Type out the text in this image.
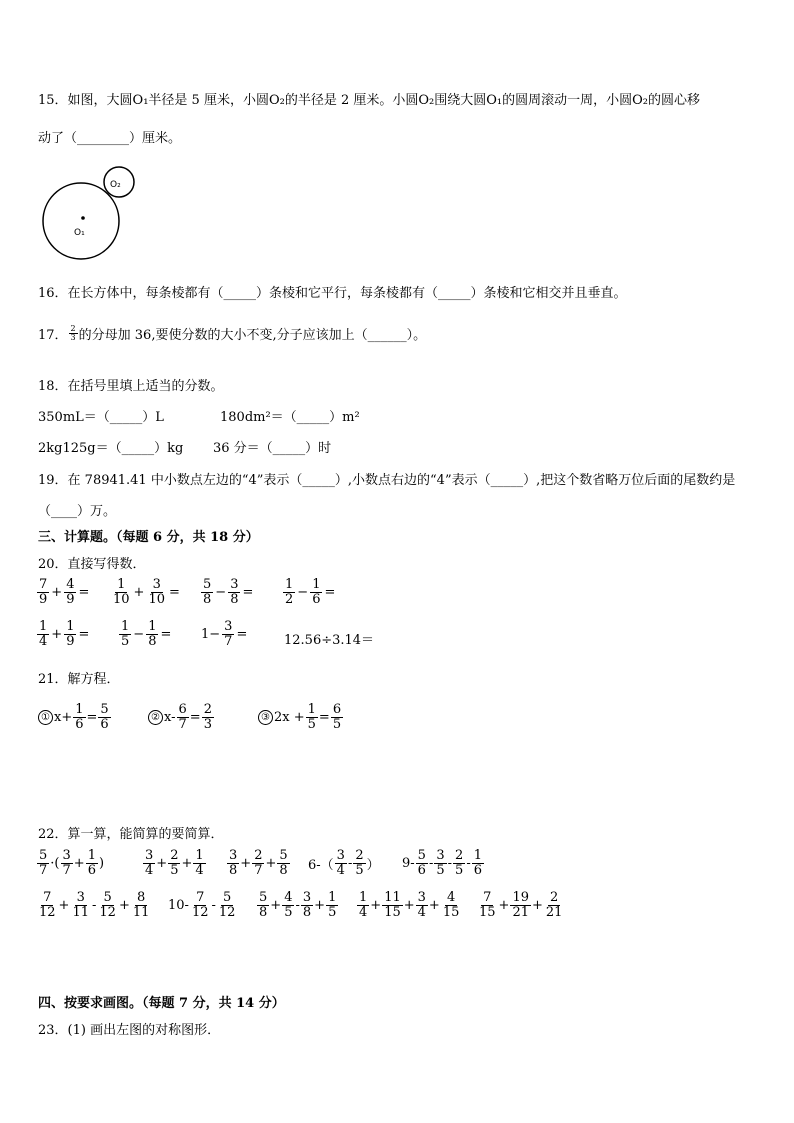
15．如图，大圆O₁半径是 5 厘米，小圆O₂的半径是 2 厘米。小圆O₂围绕大圆O₁的圆周滚动一周，小圆O₂的圆心移
动了（________）厘米。
O₁
O₂
16．在长方体中，每条棱都有（_____）条棱和它平行，每条棱都有（_____）条棱和它相交并且垂直。
17． $\frac{2}{3}$ 的分母加 36,要使分数的大小不变,分子应该加上（______）。
18．在括号里填上适当的分数。
350mL＝（_____）L	180dm²＝（_____）m²
2kg125g＝（_____）kg 36 分＝（_____）时
19．在 78941.41 中小数点左边的“4”表示（_____）,小数点右边的“4”表示（_____）,把这个数省略万位后面的尾数约是
（____）万。
三、计算题。（每题 6 分，共 18 分）
20．直接写得数．
$\frac{7}{9} + \frac{4}{9} = \frac{1}{10} + \frac{3}{10} = \frac{5}{8} - \frac{3}{8} = \frac{1}{2} - \frac{1}{6}$ =
$\frac{1}{4} + \frac{1}{9} = \frac{1}{5} - \frac{1}{8} = 1- \frac{3}{7}$ =	12.56÷3.14＝
21．解方程．
① $x+ \frac{1}{6} = \frac{5}{6}$	② $x- \frac{6}{7} = \frac{2}{3}$	③ $2x + \frac{1}{5} = \frac{6}{5}$
22．算一算，能简算的要简算．
$\frac{5}{7}$ ·( $\frac{3}{7} + \frac{1}{6}$ )	$\frac{3}{4} + \frac{2}{5} + \frac{1}{4} \frac{3}{8} + \frac{2}{7} + \frac{5}{8} 6-( \frac{3}{4} - \frac{2}{5}$ ） $9- \frac{5}{6} - \frac{3}{5} - \frac{2}{5} - \frac{1}{6}$
$\frac{7}{12} + \frac{3}{11} - \frac{5}{12} + \frac{8}{11} 10- \frac{7}{12} - \frac{5}{12} \frac{5}{8} + \frac{4}{5} - \frac{3}{8} + \frac{1}{5} \frac{1}{4} + \frac{11}{15} + \frac{3}{4} + \frac{4}{15} \frac{7}{15} + \frac{19}{21} + \frac{2}{21}$
四、按要求画图。（每题 7 分，共 14 分）
23．(1) 画出左图的对称图形．
